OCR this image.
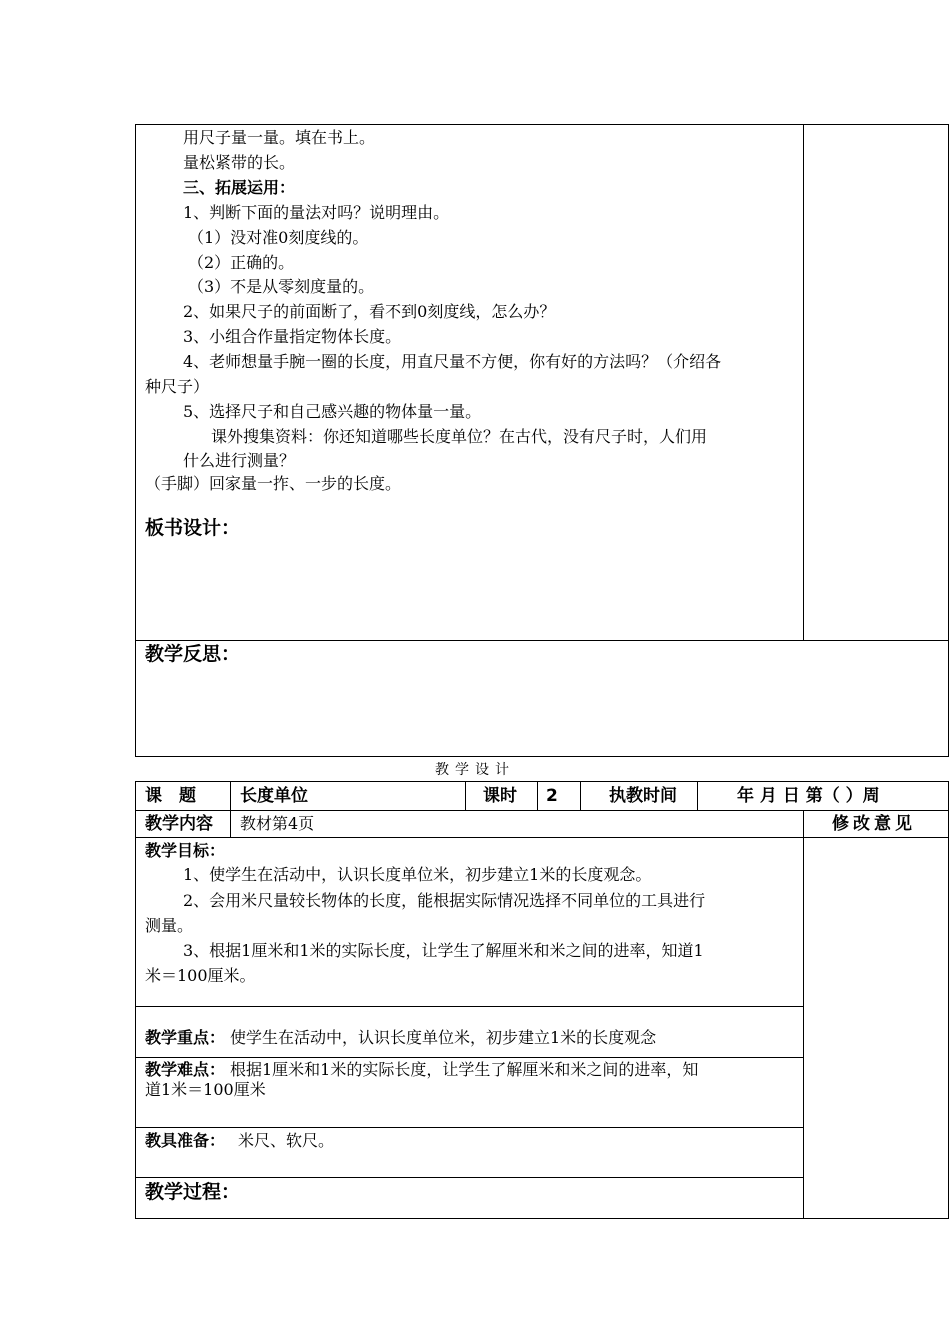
用尺子量一量。填在书上。
量松紧带的长。
三、拓展运用：
1、判断下面的量法对吗？说明理由。
（1）没对准0刻度线的。
（2）正确的。
（3）不是从零刻度量的。
2、如果尺子的前面断了，看不到0刻度线，怎么办？
3、小组合作量指定物体长度。
4、老师想量手腕一圈的长度，用直尺量不方便，你有好的方法吗？（介绍各
种尺子）
5、选择尺子和自己感兴趣的物体量一量。
课外搜集资料：你还知道哪些长度单位？在古代，没有尺子时，人们用
什么进行测量？
（手脚）回家量一拃、一步的长度。
板书设计：
教学反思：
教学设计
课　题	长度单位	课时 2	执教时间	年 月 日 第（ ）周
教学内容 教材第4页	修改意见
教学目标：
1、使学生在活动中，认识长度单位米，初步建立1米的长度观念。
2、会用米尺量较长物体的长度，能根据实际情况选择不同单位的工具进行
测量。
3、根据1厘米和1米的实际长度，让学生了解厘米和米之间的进率，知道1
米＝100厘米。
教学重点： 使学生在活动中，认识长度单位米，初步建立1米的长度观念
教学难点： 根据1厘米和1米的实际长度，让学生了解厘米和米之间的进率，知
道1米＝100厘米
教具准备： 米尺、软尺。
教学过程：
